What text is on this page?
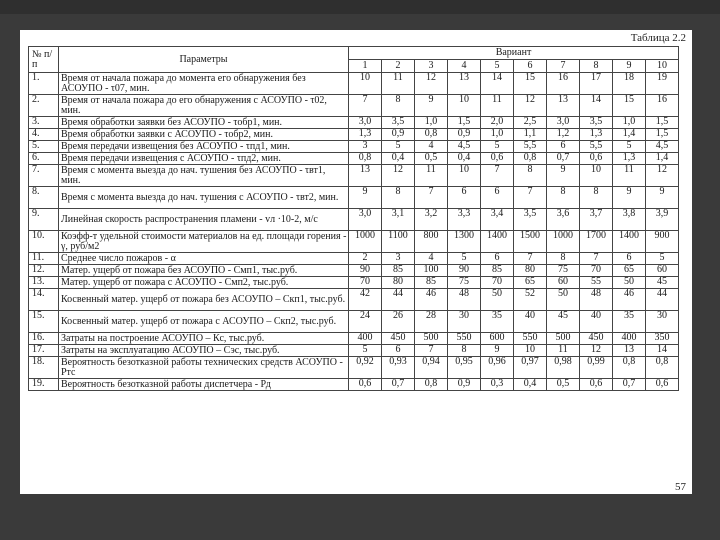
Таблица 2.2
№ п/п	Параметры	Вариант									
		1	2	3	4	5	6	7	8	9	10
1.	Время от начала пожара до момента его обнаружения без АСОУПО - τ07, мин.	10	11	12	13	14	15	16	17	18	19
2.	Время от начала пожара до его обнаружения с АСОУПО - τ02, мин.	7	8	9	10	11	12	13	14	15	16
3.	Время обработки заявки без АСОУПО - τобр1, мин.	3,0	3,5	1,0	1,5	2,0	2,5	3,0	3,5	1,0	1,5
4.	Время обработки заявки с АСОУПО - τобр2, мин.	1,3	0,9	0,8	0,9	1,0	1,1	1,2	1,3	1,4	1,5
5.	Время передачи извещения без АСОУПО - τпд1, мин.	3	5	4	4,5	5	5,5	6	5,5	5	4,5
6.	Время передачи извещения с АСОУПО - τпд2, мин.	0,8	0,4	0,5	0,4	0,6	0,8	0,7	0,6	1,3	1,4
7.	Время с момента выезда до нач. тушения без АСОУПО - τвт1, мин.	13	12	11	10	7	8	9	10	11	12
8.	Время с момента выезда до нач. тушения с АСОУПО - τвт2, мин.	9	8	7	6	6	7	8	8	9	9
9.	Линейная скорость распространения пламени - vл ·10-2, м/с	3,0	3,1	3,2	3,3	3,4	3,5	3,6	3,7	3,8	3,9
10.	Коэфф-т удельной стоимости материалов на ед. площади горения - γ, руб/м2	1000	1100	800	1300	1400	1500	1000	1700	1400	900
11.	Среднее число пожаров - α	2	3	4	5	6	7	8	7	6	5
12.	Матер. ущерб от пожара без АСОУПО - Смп1, тыс.руб.	90	85	100	90	85	80	75	70	65	60
13.	Матер. ущерб от пожара с АСОУПО - Смп2, тыс.руб.	70	80	85	75	70	65	60	55	50	45
14.	Косвенный матер. ущерб от пожара без АСОУПО – Скп1, тыс.руб.	42	44	46	48	50	52	50	48	46	44
15.	Косвенный матер. ущерб от пожара с АСОУПО – Скп2, тыс.руб.	24	26	28	30	35	40	45	40	35	30
16.	Затраты на построение АСОУПО – Кс, тыс.руб.	400	450	500	550	600	550	500	450	400	350
17.	Затраты на эксплуатацию АСОУПО – Сэс, тыс.руб.	5	6	7	8	9	10	11	12	13	14
18.	Вероятность безотказной работы технических средств АСОУПО - Ртс	0,92	0,93	0,94	0,95	0,96	0,97	0,98	0,99	0,8	0,8
19.	Вероятность безотказной работы диспетчера - Рд	0,6	0,7	0,8	0,9	0,3	0,4	0,5	0,6	0,7	0,6
57
